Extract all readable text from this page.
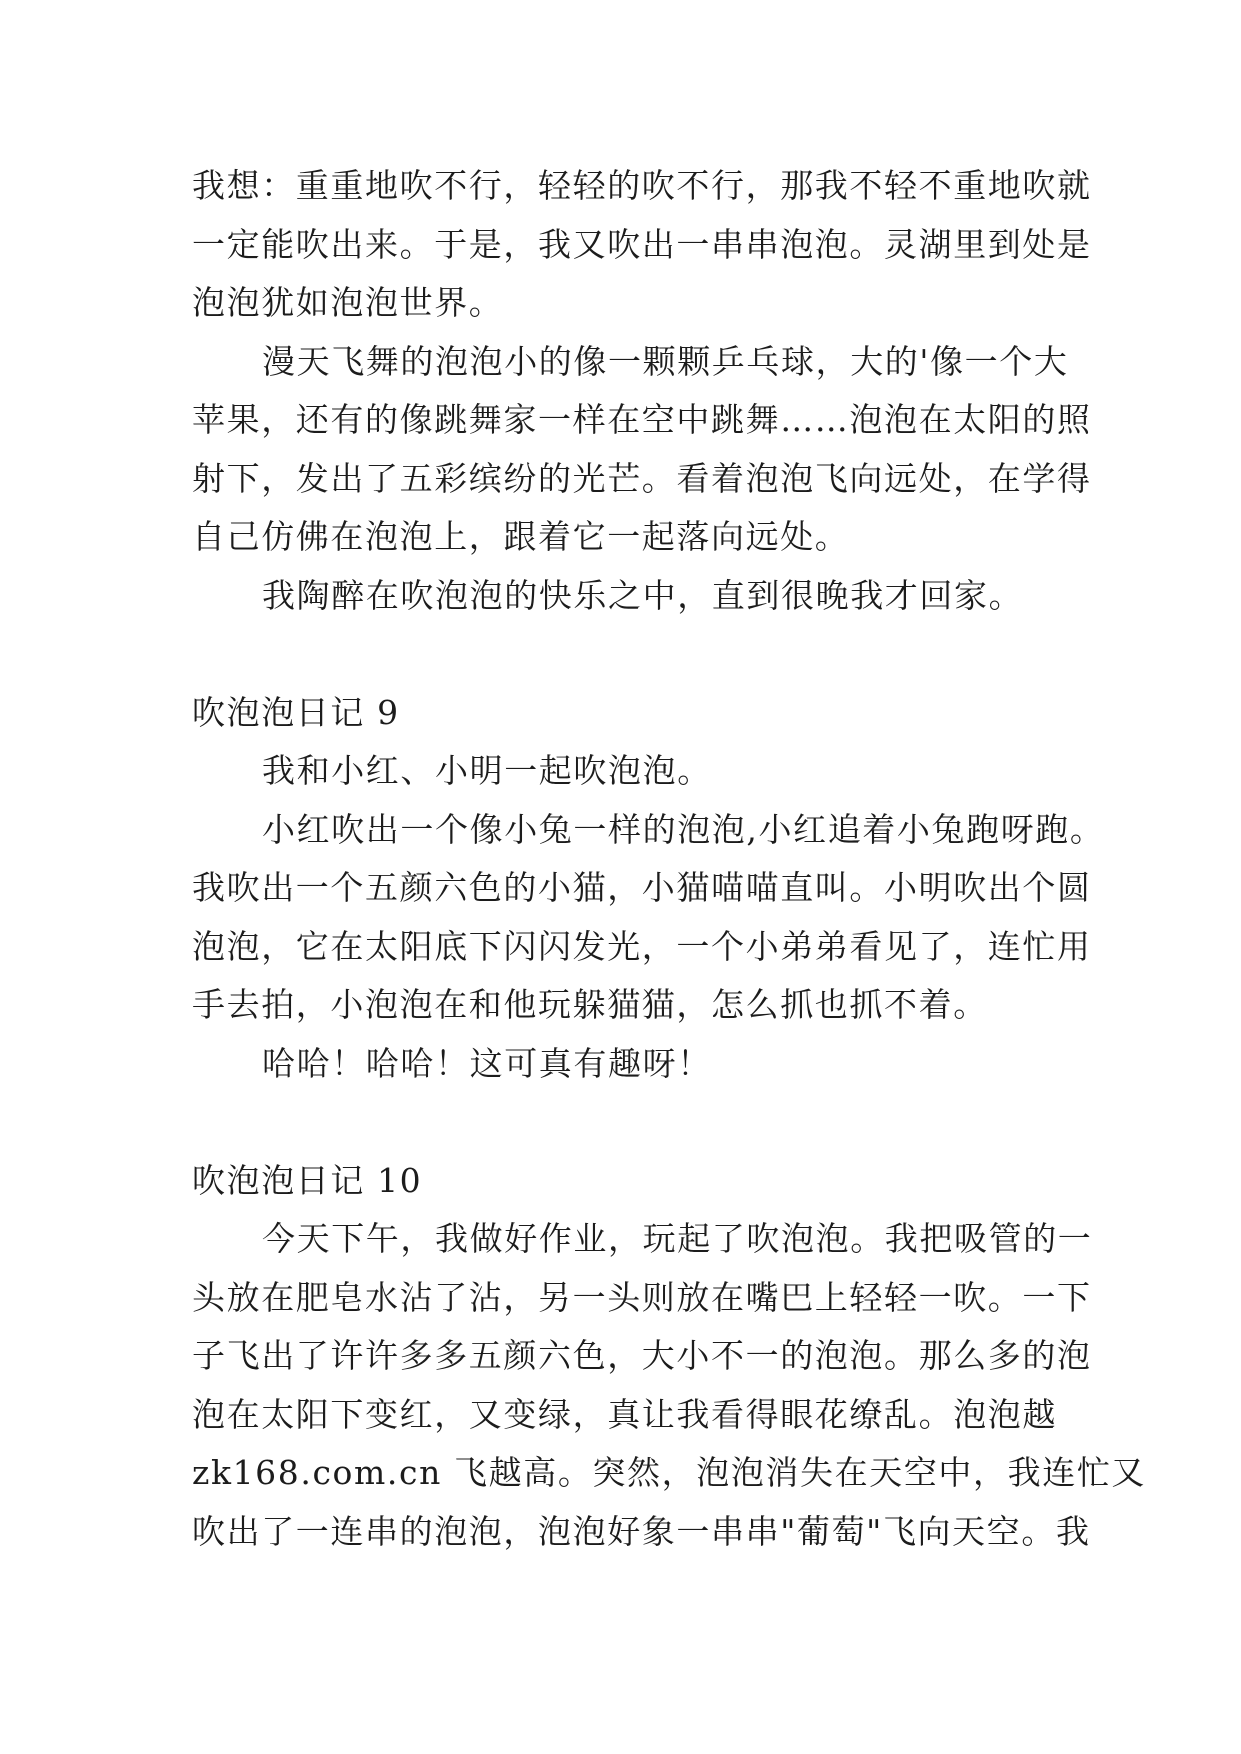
我想：重重地吹不行，轻轻的吹不行，那我不轻不重地吹就
一定能吹出来。于是，我又吹出一串串泡泡。灵湖里到处是
泡泡犹如泡泡世界。
漫天飞舞的泡泡小的像一颗颗乒乓球，大的'像一个大
苹果，还有的像跳舞家一样在空中跳舞……泡泡在太阳的照
射下，发出了五彩缤纷的光芒。看着泡泡飞向远处，在学得
自己仿佛在泡泡上，跟着它一起落向远处。
我陶醉在吹泡泡的快乐之中，直到很晚我才回家。
吹泡泡日记 9
我和小红、小明一起吹泡泡。
小红吹出一个像小兔一样的泡泡,小红追着小兔跑呀跑。
我吹出一个五颜六色的小猫，小猫喵喵直叫。小明吹出个圆
泡泡，它在太阳底下闪闪发光，一个小弟弟看见了，连忙用
手去拍，小泡泡在和他玩躲猫猫，怎么抓也抓不着。
哈哈！哈哈！这可真有趣呀！
吹泡泡日记 10
今天下午，我做好作业，玩起了吹泡泡。我把吸管的一
头放在肥皂水沾了沾，另一头则放在嘴巴上轻轻一吹。一下
子飞出了许许多多五颜六色，大小不一的泡泡。那么多的泡
泡在太阳下变红，又变绿，真让我看得眼花缭乱。泡泡越
zk168.com.cn 飞越高。突然，泡泡消失在天空中，我连忙又
吹出了一连串的泡泡，泡泡好象一串串"葡萄"飞向天空。我
